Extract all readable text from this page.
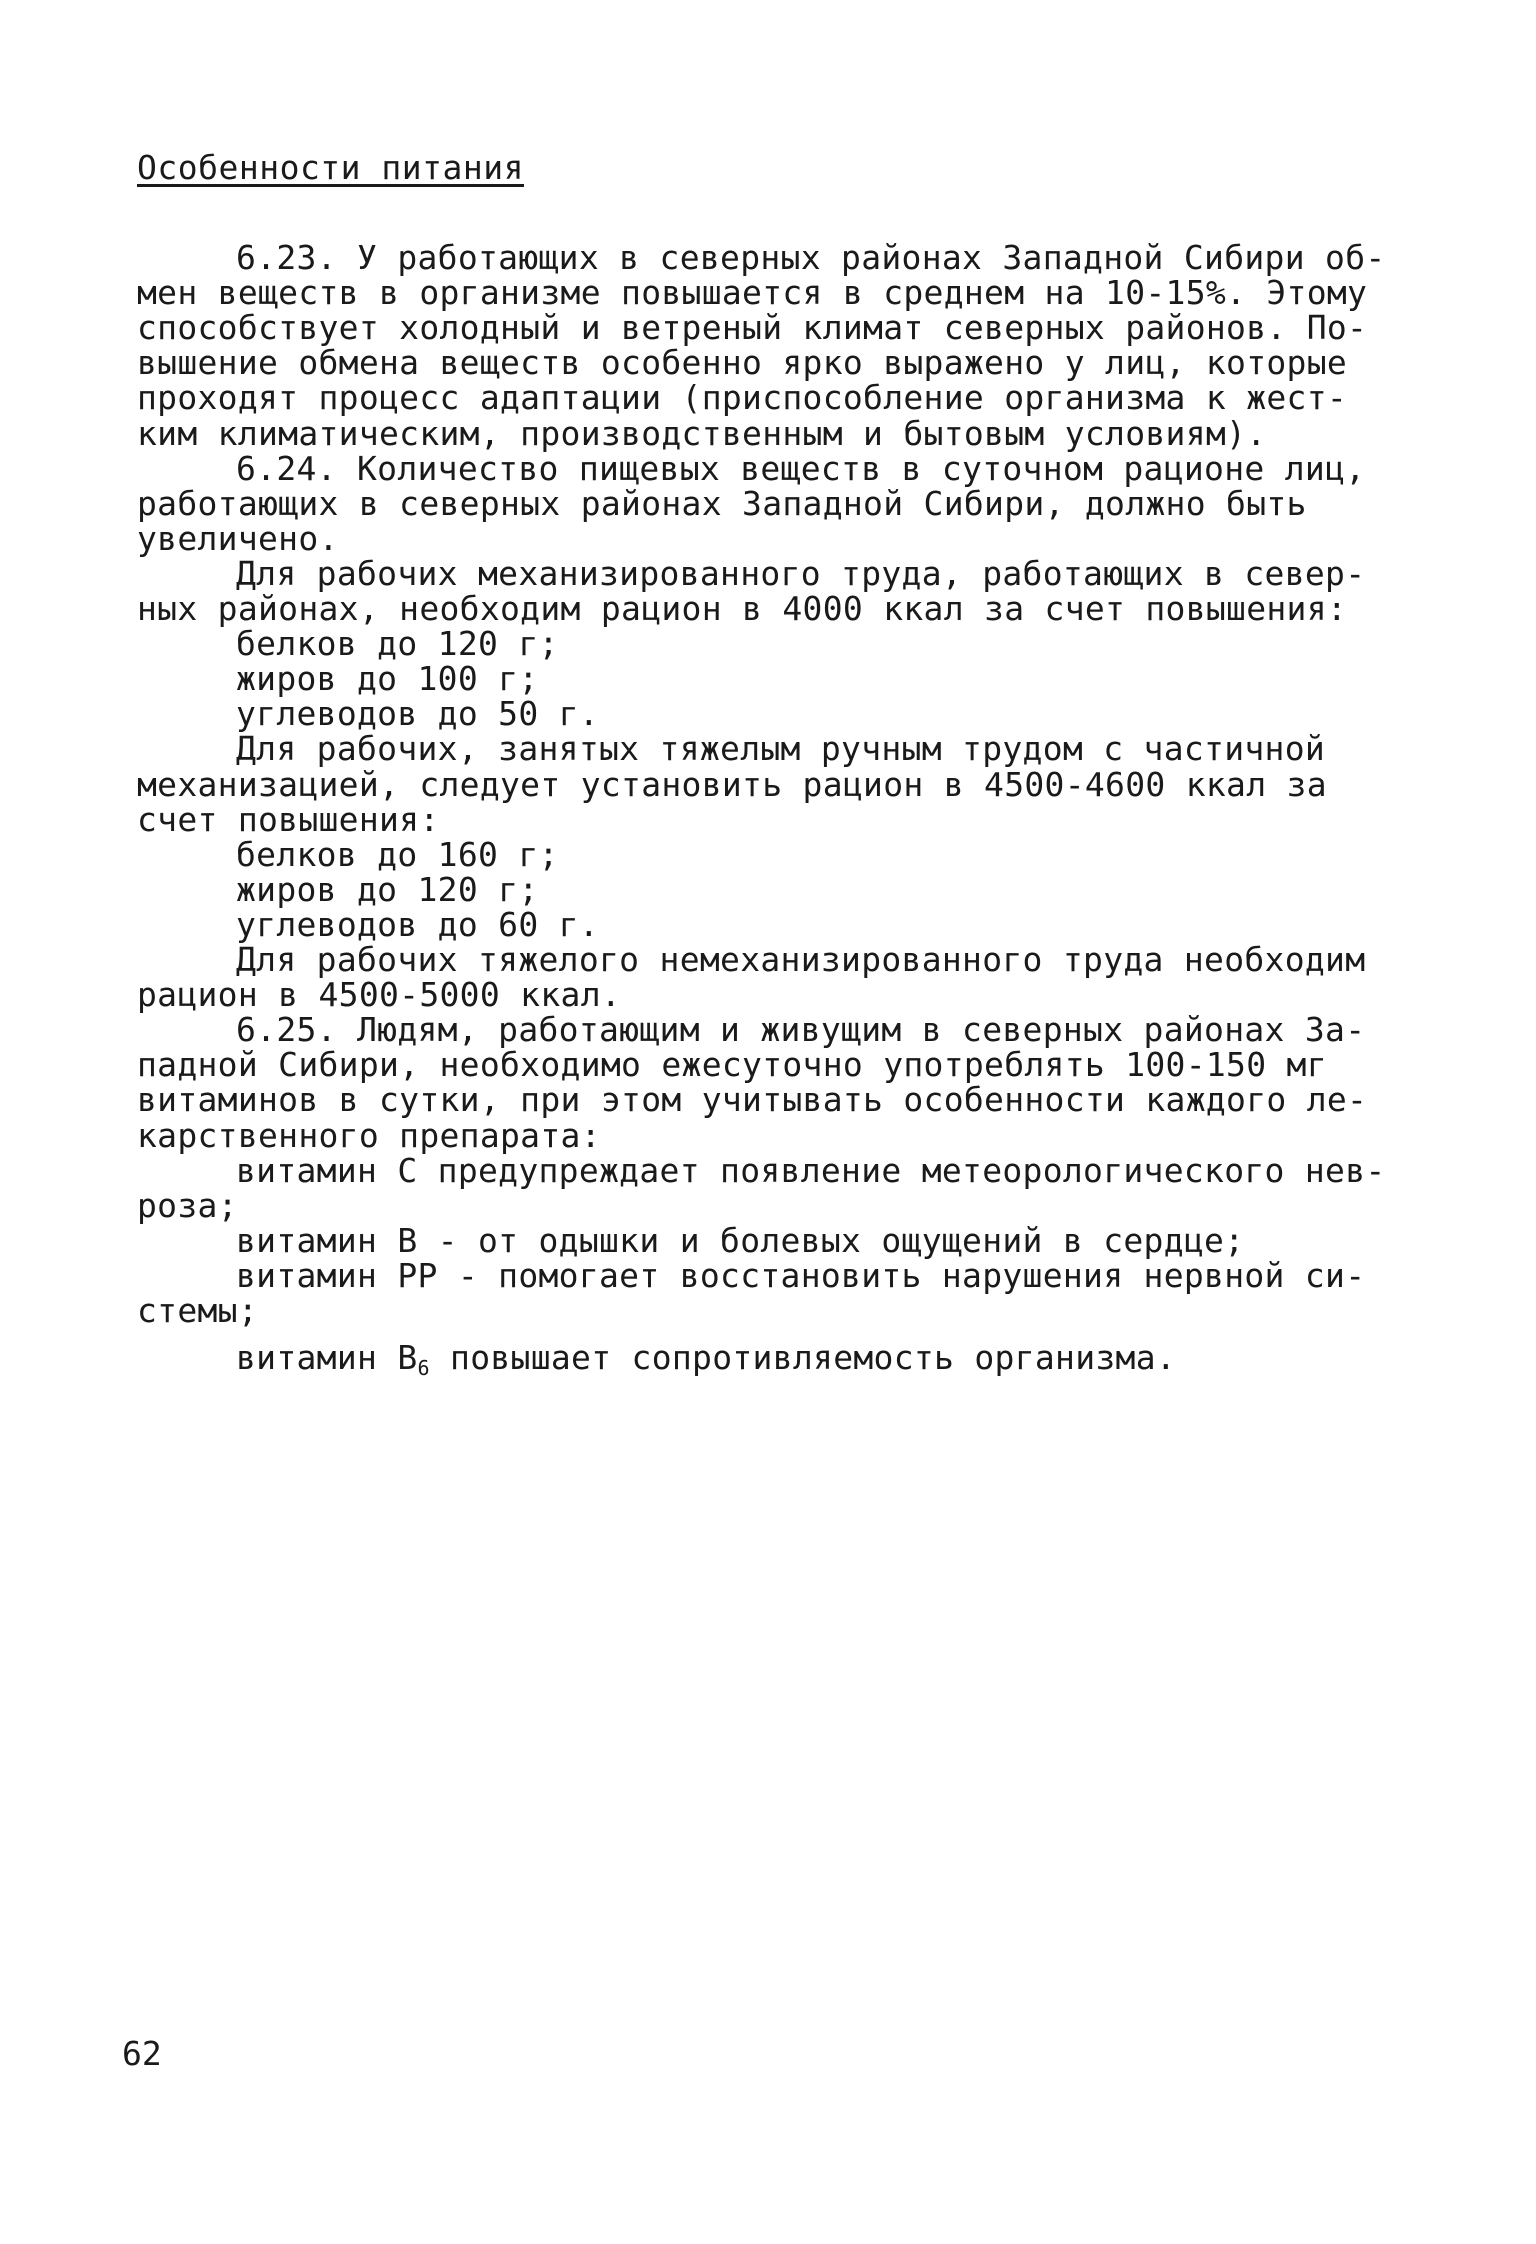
Особенности питания
6.23. У работающих в северных районах Западной Сибири об-
мен веществ в организме повышается в среднем на 10-15%. Этому
способствует холодный и ветреный климат северных районов. По-
вышение обмена веществ особенно ярко выражено у лиц, которые
проходят процесс адаптации (приспособление организма к жест-
ким климатическим, производственным и бытовым условиям).
6.24. Количество пищевых веществ в суточном рационе лиц,
работающих в северных районах Западной Сибири, должно быть
увеличено.
Для рабочих механизированного труда, работающих в север-
ных районах, необходим рацион в 4000 ккал за счет повышения:
белков до 120 г;
жиров до 100 г;
углеводов до 50 г.
Для рабочих, занятых тяжелым ручным трудом с частичной
механизацией, следует установить рацион в 4500-4600 ккал за
счет повышения:
белков до 160 г;
жиров до 120 г;
углеводов до 60 г.
Для рабочих тяжелого немеханизированного труда необходим
рацион в 4500-5000 ккал.
6.25. Людям, работающим и живущим в северных районах За-
падной Сибири, необходимо ежесуточно употреблять 100-150 мг
витаминов в сутки, при этом учитывать особенности каждого ле-
карственного препарата:
витамин С предупреждает появление метеорологического нев-
роза;
витамин В - от одышки и болевых ощущений в сердце;
витамин РР - помогает восстановить нарушения нервной си-
стемы;
витамин $В_6$ повышает сопротивляемость организма.
62
